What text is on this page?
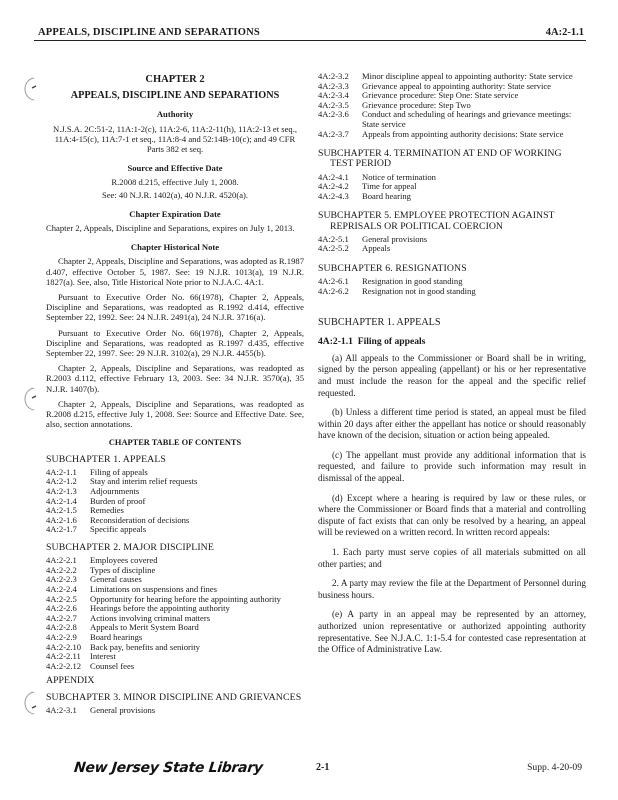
APPEALS, DISCIPLINE AND SEPARATIONS	4A:2-1.1
CHAPTER 2
APPEALS, DISCIPLINE AND SEPARATIONS
Authority
N.J.S.A. 2C:51-2, 11A:1-2(c), 11A:2-6, 11A:2-11(h), 11A:2-13 et seq., 11A:4-15(c), 11A:7-1 et seq., 11A:8-4 and 52:14B-10(c); and 49 CFR Parts 382 et seq.
Source and Effective Date
R.2008 d.215, effective July 1, 2008.
See: 40 N.J.R. 1402(a), 40 N.J.R. 4520(a).
Chapter Expiration Date
Chapter 2, Appeals, Discipline and Separations, expires on July 1, 2013.
Chapter Historical Note
Chapter 2, Appeals, Discipline and Separations, was adopted as R.1987 d.407, effective October 5, 1987. See: 19 N.J.R. 1013(a), 19 N.J.R. 1827(a). See, also, Title Historical Note prior to N.J.A.C. 4A:1.
Pursuant to Executive Order No. 66(1978), Chapter 2, Appeals, Discipline and Separations, was readopted as R.1992 d.414, effective September 22, 1992. See: 24 N.J.R. 2491(a), 24 N.J.R. 3716(a).
Pursuant to Executive Order No. 66(1978), Chapter 2, Appeals, Discipline and Separations, was readopted as R.1997 d.435, effective September 22, 1997. See: 29 N.J.R. 3102(a), 29 N.J.R. 4455(b).
Chapter 2, Appeals, Discipline and Separations, was readopted as R.2003 d.112, effective February 13, 2003. See: 34 N.J.R. 3570(a), 35 N.J.R. 1407(b).
Chapter 2, Appeals, Discipline and Separations, was readopted as R.2008 d.215, effective July 1, 2008. See: Source and Effective Date. See, also, section annotations.
CHAPTER TABLE OF CONTENTS
SUBCHAPTER 1. APPEALS
4A:2-1.1	Filing of appeals
4A:2-1.2	Stay and interim relief requests
4A:2-1.3	Adjournments
4A:2-1.4	Burden of proof
4A:2-1.5	Remedies
4A:2-1.6	Reconsideration of decisions
4A:2-1.7	Specific appeals
SUBCHAPTER 2. MAJOR DISCIPLINE
4A:2-2.1	Employees covered
4A:2-2.2	Types of discipline
4A:2-2.3	General causes
4A:2-2.4	Limitations on suspensions and fines
4A:2-2.5	Opportunity for hearing before the appointing authority
4A:2-2.6	Hearings before the appointing authority
4A:2-2.7	Actions involving criminal matters
4A:2-2.8	Appeals to Merit System Board
4A:2-2.9	Board hearings
4A:2-2.10	Back pay, benefits and seniority
4A:2-2.11	Interest
4A:2-2.12	Counsel fees
APPENDIX
SUBCHAPTER 3. MINOR DISCIPLINE AND GRIEVANCES
4A:2-3.1	General provisions
4A:2-3.2	Minor discipline appeal to appointing authority: State service
4A:2-3.3	Grievance appeal to appointing authority: State service
4A:2-3.4	Grievance procedure: Step One: State service
4A:2-3.5	Grievance procedure: Step Two
4A:2-3.6	Conduct and scheduling of hearings and grievance meetings: State service
4A:2-3.7	Appeals from appointing authority decisions: State service
SUBCHAPTER 4. TERMINATION AT END OF WORKING TEST PERIOD
4A:2-4.1	Notice of termination
4A:2-4.2	Time for appeal
4A:2-4.3	Board hearing
SUBCHAPTER 5. EMPLOYEE PROTECTION AGAINST REPRISALS OR POLITICAL COERCION
4A:2-5.1	General provisions
4A:2-5.2	Appeals
SUBCHAPTER 6. RESIGNATIONS
4A:2-6.1	Resignation in good standing
4A:2-6.2	Resignation not in good standing
SUBCHAPTER 1. APPEALS
4A:2-1.1 Filing of appeals
(a) All appeals to the Commissioner or Board shall be in writing, signed by the person appealing (appellant) or his or her representative and must include the reason for the appeal and the specific relief requested.
(b) Unless a different time period is stated, an appeal must be filed within 20 days after either the appellant has notice or should reasonably have known of the decision, situation or action being appealed.
(c) The appellant must provide any additional information that is requested, and failure to provide such information may result in dismissal of the appeal.
(d) Except where a hearing is required by law or these rules, or where the Commissioner or Board finds that a material and controlling dispute of fact exists that can only be resolved by a hearing, an appeal will be reviewed on a written record. In written record appeals:
1. Each party must serve copies of all materials submitted on all other parties; and
2. A party may review the file at the Department of Personnel during business hours.
(e) A party in an appeal may be represented by an attorney, authorized union representative or authorized appointing authority representative. See N.J.A.C. 1:1-5.4 for contested case representation at the Office of Administrative Law.
New Jersey State Library	2-1	Supp. 4-20-09
